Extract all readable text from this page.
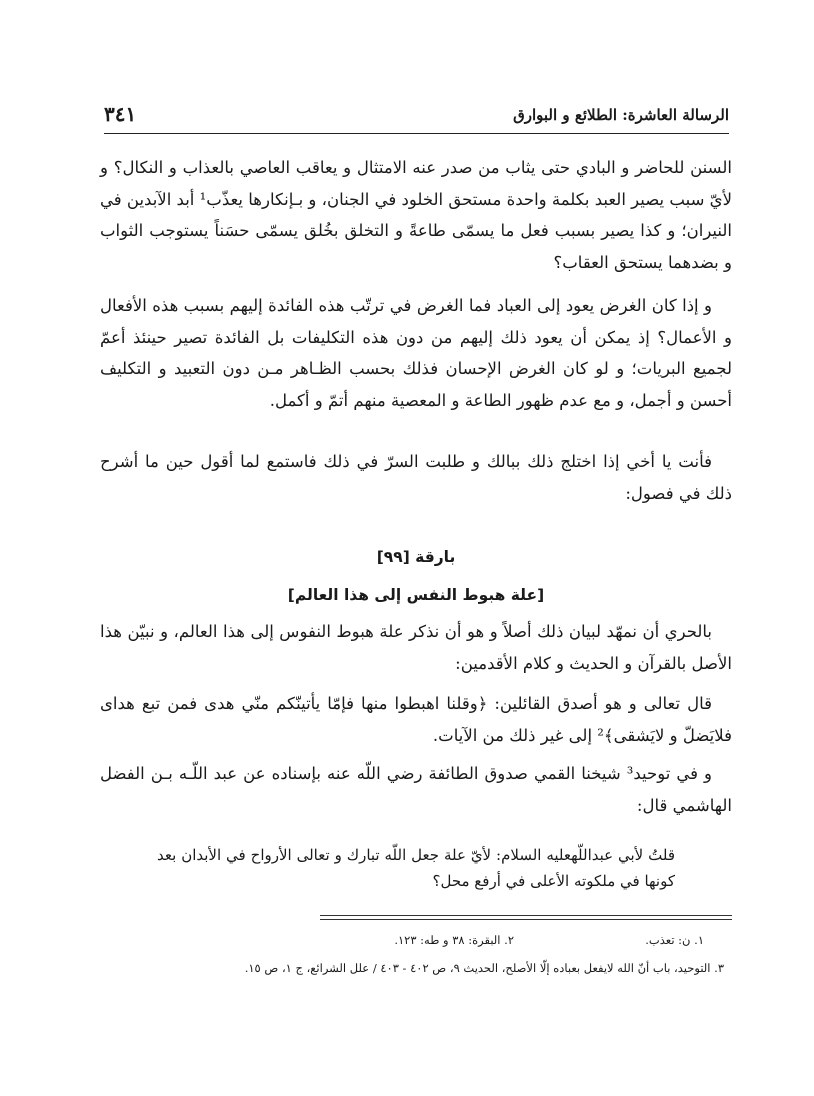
الرسالة العاشرة: الطلائع و البوارق
٣٤١
السنن للحاضر و البادي حتى يثاب من صدر عنه الامتثال و يعاقب العاصي بالعذاب و النكال؟ و لأيّ سبب يصير العبد بكلمة واحدة مستحق الخلود في الجنان، و بـإنكارها يعذّب¹ أبد الآبدين في النيران؛ و كذا يصير بسبب فعل ما يسمّى طاعةً و التخلق بخُلق يسمّى حسَناً يستوجب الثواب و بضدهما يستحق العقاب؟
و إذا كان الغرض يعود إلى العباد فما الغرض في ترتّب هذه الفائدة إليهم بسبب هذه الأفعال و الأعمال؟ إذ يمكن أن يعود ذلك إليهم من دون هذه التكليفات بل الفائدة تصير حينئذ أعمّ لجميع البريات؛ و لو كان الغرض الإحسان فذلك بحسب الظـاهر مـن دون التعبيد و التكليف أحسن و أجمل، و مع عدم ظهور الطاعة و المعصية منهم أتمّ و أكمل.
فأنت يا أخي إذا اختلج ذلك ببالك و طلبت السرّ في ذلك فاستمع لما أقول حين ما أشرح ذلك في فصول:
بارقة [٩٩]
[علة هبوط النفس إلى هذا العالم]
بالحري أن نمهّد لبيان ذلك أصلاً و هو أن نذكر علة هبوط النفوس إلى هذا العالم، و نبيّن هذا الأصل بالقرآن و الحديث و كلام الأقدمين:
قال تعالى و هو أصدق القائلين: ﴿وقلنا اهبطوا منها فإمّا يأتينّكم منّي هدى فمن تبع هداى فلايَضلّ و لايَشقى﴾² إلى غير ذلك من الآيات.
و في توحيد³ شيخنا القمي صدوق الطائفة رضي اللّه عنه بإسناده عن عبد اللّـه بـن الفضل الهاشمي قال:
قلتُ لأبي عبداللّهعليه السلام: لأيّ علة جعل اللّه تبارك و تعالى الأرواح في الأبدان بعد كونها في ملكوته الأعلى في أرفع محل؟
١. ن: تعذب.
٢. البقرة: ٣٨ و طه: ١٢٣.
٣. التوحيد، باب أنّ الله لايفعل بعباده إلّا الأصلح، الحديث ٩، ص ٤٠٢ - ٤٠٣ / علل الشرائع، ج ١، ص ١٥.
